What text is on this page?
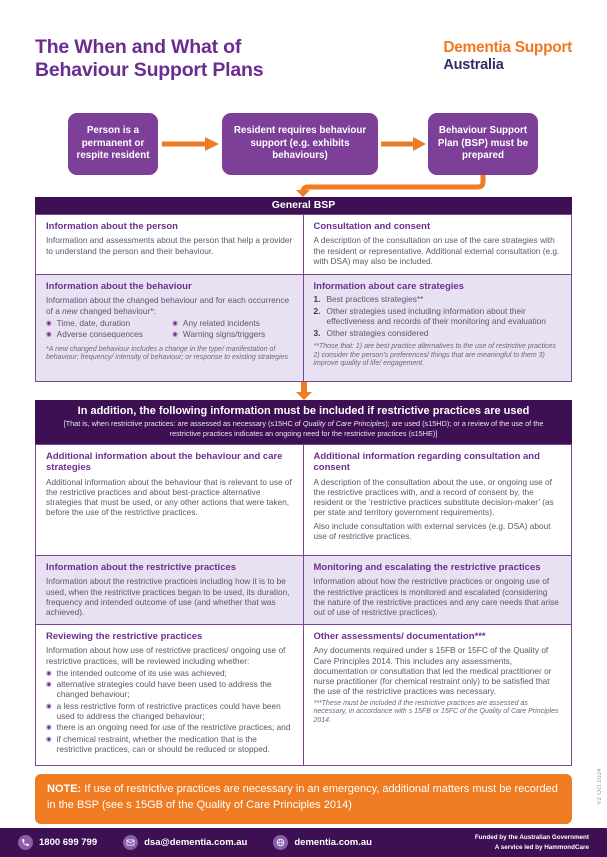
The When and What of
Behaviour Support Plans
Dementia Support
Australia
Person is a permanent or respite resident
Resident requires behaviour support (e.g. exhibits behaviours)
Behaviour Support Plan (BSP) must be prepared
General BSP
Information about the person
Information and assessments about the person that help a provider to understand the person and their behaviour.
Consultation and consent
A description of the consultation on use of the care strategies with the resident or representative. Additional external consultation (e.g. with DSA) may also be included.
Information about the behaviour
Information about the changed behaviour and for each occurrence of a new changed behaviour*:
◉ Time, date, duration
◉ Adverse consequences
◉ Any related incidents
◉ Warning signs/triggers
*A new changed behaviour includes a change in the type/ manifestation of behaviour; frequency/ intensity of behaviour; or response to existing strategies
Information about care strategies
1. Best practices strategies**
2. Other strategies used including information about their effectiveness and records of their monitoring and evaluation
3. Other strategies considered
**Those that: 1) are best practice alternatives to the use of restrictive practices 2) consider the person’s preferences/ things that are meaningful to them 3) improve quality of life/ engagement.
In addition, the following information must be included if restrictive practices are used
[That is, when restrictive practices: are assessed as necessary (s15HC of Quality of Care Principles); are used (s15HD); or a review of the use of the restrictive practices indicates an ongoing need for the restrictive practices (s15HE)]
Additional information about the behaviour and care strategies
Additional information about the behaviour that is relevant to use of the restrictive practices and about best-practice alternative strategies that must be used, or any other actions that were taken, before the use of the restrictive practices.
Additional information regarding consultation and consent
A description of the consultation about the use, or ongoing use of the restrictive practices with, and a record of consent by, the resident or the ‘restrictive practices substitute decision-maker’ (as per state and territory government requirements).
Also include consultation with external services (e.g. DSA) about use of restrictive practices.
Information about the restrictive practices
Information about the restrictive practices including how it is to be used, when the restrictive practices began to be used, its duration, frequency and intended outcome of use (and whether that was achieved).
Monitoring and escalating the restrictive practices
Information about how the restrictive practices or ongoing use of the restrictive practices is monitored and escalated (considering the nature of the restrictive practices and any care needs that arise out of use of restrictive practices).
Reviewing the restrictive practices
Information about how use of restrictive practices/ ongoing use of restrictive practices, will be reviewed including whether:
◉ the intended outcome of its use was achieved;
◉ alternative strategies could have been used to address the changed behaviour;
◉ a less restrictive form of restrictive practices could have been used to address the changed behaviour;
◉ there is an ongoing need for use of the restrictive practices; and
◉ if chemical restraint, whether the medication that is the restrictive practices, can or should be reduced or stopped.
Other assessments/ documentation***
Any documents required under s 15FB or 15FC of the Quality of Care Principles 2014. This includes any assessments, documentation or consultation that led the medical practitioner or nurse practitioner (for chemical restraint only) to be satisfied that the use of the restrictive practices was necessary.
***These must be included if the restrictive practices are assessed as necessary, in accordance with s 15FB or 15FC of the Quality of Care Principles 2014.
NOTE: If use of restrictive practices are necessary in an emergency, additional matters must be recorded in the BSP (see s 15GB of the Quality of Care Principles 2014)
V2 Oct 2024
1800 699 799	dsa@dementia.com.au	dementia.com.au	Funded by the Australian Government
A service led by HammondCare
